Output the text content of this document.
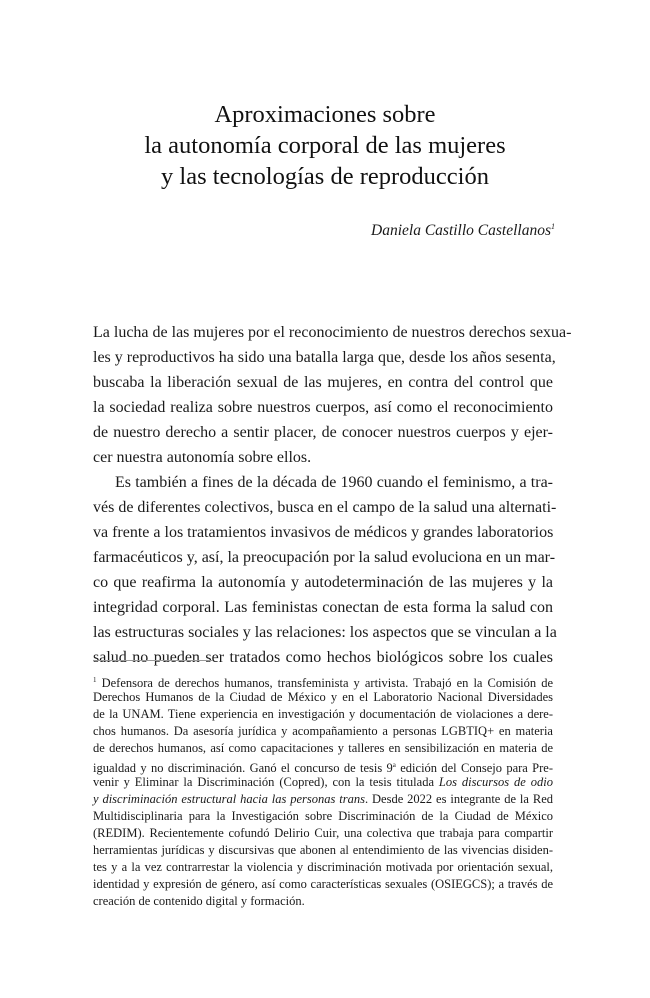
Aproximaciones sobre
la autonomía corporal de las mujeres
y las tecnologías de reproducción
Daniela Castillo Castellanos$^1$
La lucha de las mujeres por el reconocimiento de nuestros derechos sexua-
les y reproductivos ha sido una batalla larga que, desde los años sesenta,
buscaba la liberación sexual de las mujeres, en contra del control que
la sociedad realiza sobre nuestros cuerpos, así como el reconocimiento
de nuestro derecho a sentir placer, de conocer nuestros cuerpos y ejer-
cer nuestra autonomía sobre ellos.
Es también a fines de la década de 1960 cuando el feminismo, a tra-
vés de diferentes colectivos, busca en el campo de la salud una alternati-
va frente a los tratamientos invasivos de médicos y grandes laboratorios
farmacéuticos y, así, la preocupación por la salud evoluciona en un mar-
co que reafirma la autonomía y autodeterminación de las mujeres y la
integridad corporal. Las feministas conectan de esta forma la salud con
las estructuras sociales y las relaciones: los aspectos que se vinculan a la
salud no pueden ser tratados como hechos biológicos sobre los cuales
$^1$ Defensora de derechos humanos, transfeminista y artivista. Trabajó en la Comisión de
Derechos Humanos de la Ciudad de México y en el Laboratorio Nacional Diversidades
de la UNAM. Tiene experiencia en investigación y documentación de violaciones a dere-
chos humanos. Da asesoría jurídica y acompañamiento a personas LGBTIQ+ en materia
de derechos humanos, así como capacitaciones y talleres en sensibilización en materia de
igualdad y no discriminación. Ganó el concurso de tesis 9$^a$ edición del Consejo para Pre-
venir y Eliminar la Discriminación (Copred), con la tesis titulada Los discursos de odio
y discriminación estructural hacia las personas trans. Desde 2022 es integrante de la Red
Multidisciplinaria para la Investigación sobre Discriminación de la Ciudad de México
(REDIM). Recientemente cofundó Delirio Cuir, una colectiva que trabaja para compartir
herramientas jurídicas y discursivas que abonen al entendimiento de las vivencias disiden-
tes y a la vez contrarrestar la violencia y discriminación motivada por orientación sexual,
identidad y expresión de género, así como características sexuales (OSIEGCS); a través de
creación de contenido digital y formación.
